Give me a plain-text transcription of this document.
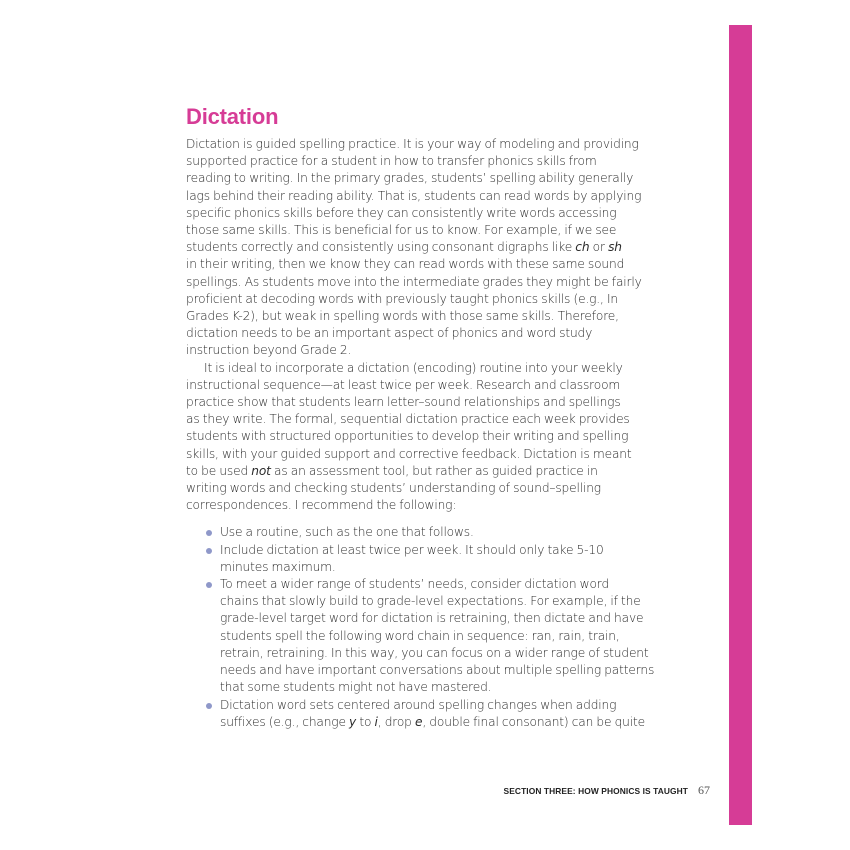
Dictation

Dictation is guided spelling practice. It is your way of modeling and providing
supported practice for a student in how to transfer phonics skills from
reading to writing. In the primary grades, students’ spelling ability generally
lags behind their reading ability. That is, students can read words by applying
specific phonics skills before they can consistently write words accessing
those same skills. This is beneficial for us to know. For example, if we see
students correctly and consistently using consonant digraphs like ch or sh
in their writing, then we know they can read words with these same sound
spellings. As students move into the intermediate grades they might be fairly
proficient at decoding words with previously taught phonics skills (e.g., In
Grades K-2), but weak in spelling words with those same skills. Therefore,
dictation needs to be an important aspect of phonics and word study
instruction beyond Grade 2.

It is ideal to incorporate a dictation (encoding) routine into your weekly
instructional sequence—at least twice per week. Research and classroom
practice show that students learn letter–sound relationships and spellings
as they write. The formal, sequential dictation practice each week provides
students with structured opportunities to develop their writing and spelling
skills, with your guided support and corrective feedback. Dictation is meant
to be used not as an assessment tool, but rather as guided practice in
writing words and checking students’ understanding of sound–spelling
correspondences. I recommend the following:

Use a routine, such as the one that follows.
Include dictation at least twice per week. It should only take 5-10
minutes maximum.
To meet a wider range of students’ needs, consider dictation word
chains that slowly build to grade-level expectations. For example, if the
grade-level target word for dictation is retraining, then dictate and have
students spell the following word chain in sequence: ran, rain, train,
retrain, retraining. In this way, you can focus on a wider range of student
needs and have important conversations about multiple spelling patterns
that some students might not have mastered.
Dictation word sets centered around spelling changes when adding
suffixes (e.g., change y to i, drop e, double final consonant) can be quite
SECTION THREE: HOW PHONICS IS TAUGHT 67
